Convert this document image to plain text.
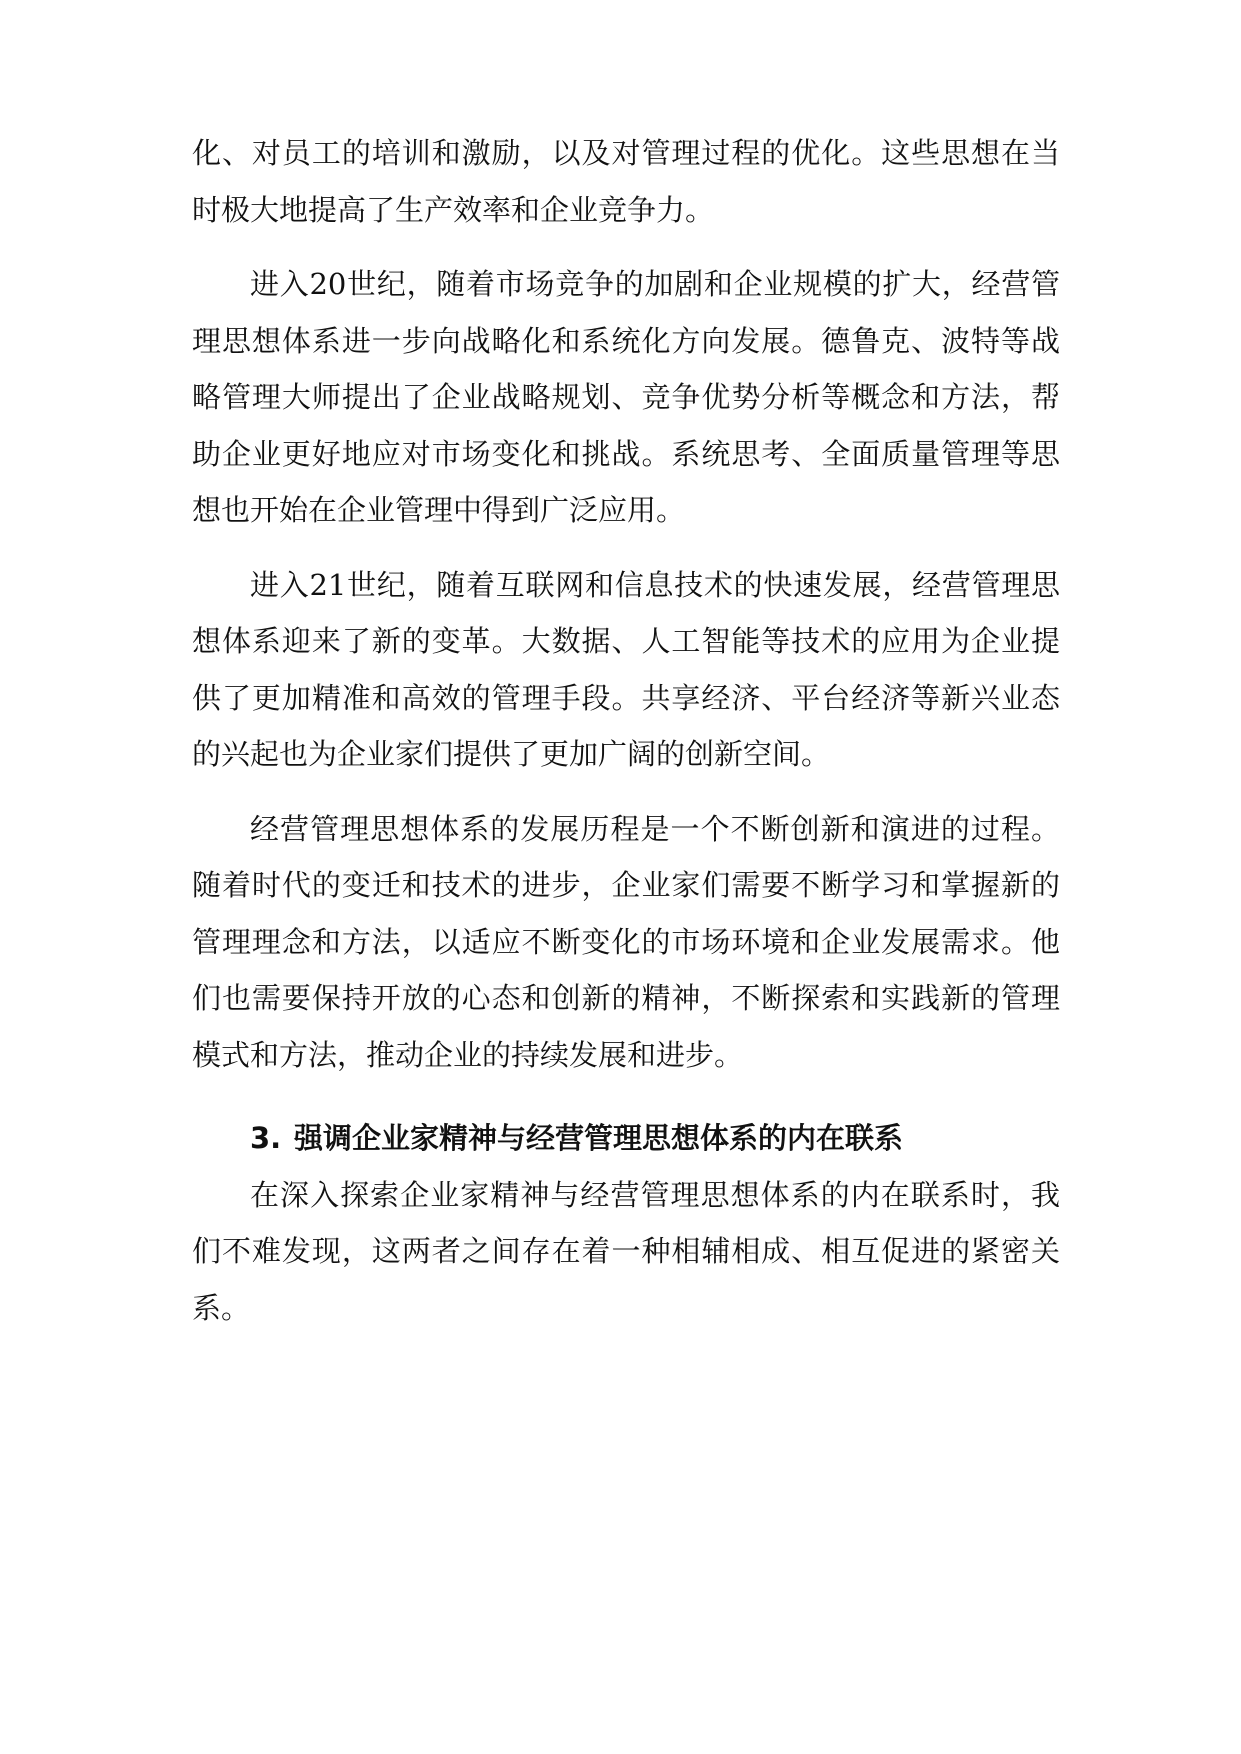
化、对员工的培训和激励，以及对管理过程的优化。这些思想在当时极大地提高了生产效率和企业竞争力。

进入20世纪，随着市场竞争的加剧和企业规模的扩大，经营管理思想体系进一步向战略化和系统化方向发展。德鲁克、波特等战略管理大师提出了企业战略规划、竞争优势分析等概念和方法，帮助企业更好地应对市场变化和挑战。系统思考、全面质量管理等思想也开始在企业管理中得到广泛应用。

进入21世纪，随着互联网和信息技术的快速发展，经营管理思想体系迎来了新的变革。大数据、人工智能等技术的应用为企业提供了更加精准和高效的管理手段。共享经济、平台经济等新兴业态的兴起也为企业家们提供了更加广阔的创新空间。

经营管理思想体系的发展历程是一个不断创新和演进的过程。随着时代的变迁和技术的进步，企业家们需要不断学习和掌握新的管理理念和方法，以适应不断变化的市场环境和企业发展需求。他们也需要保持开放的心态和创新的精神，不断探索和实践新的管理模式和方法，推动企业的持续发展和进步。

3. 强调企业家精神与经营管理思想体系的内在联系

在深入探索企业家精神与经营管理思想体系的内在联系时，我们不难发现，这两者之间存在着一种相辅相成、相互促进的紧密关系。
